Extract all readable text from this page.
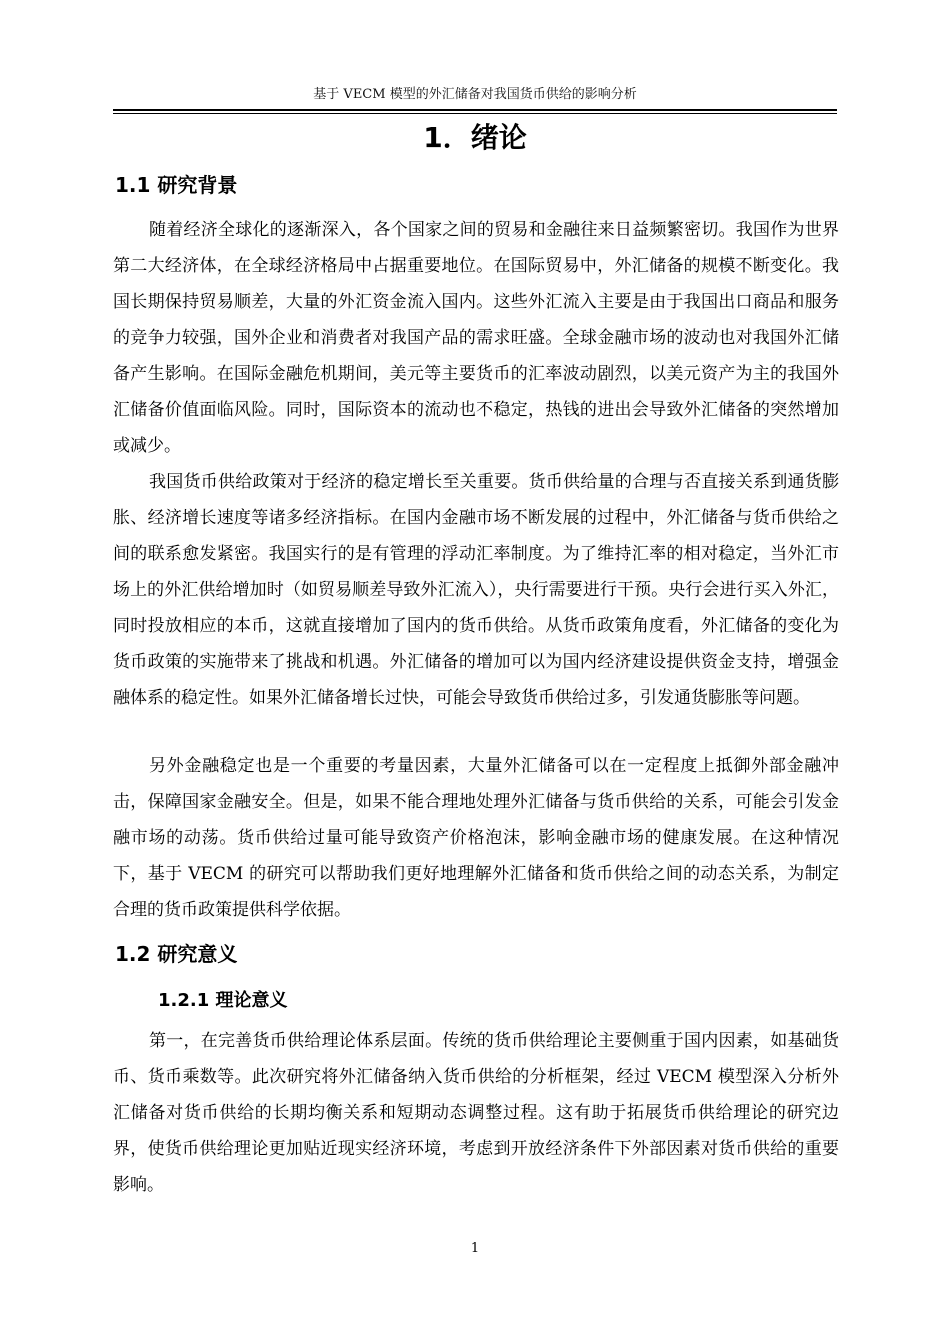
基于 VECM 模型的外汇储备对我国货币供给的影响分析
1．绪论
1.1 研究背景

随着经济全球化的逐渐深入，各个国家之间的贸易和金融往来日益频繁密切。我国作为世界第二大经济体，在全球经济格局中占据重要地位。在国际贸易中，外汇储备的规模不断变化。我国长期保持贸易顺差，大量的外汇资金流入国内。这些外汇流入主要是由于我国出口商品和服务的竞争力较强，国外企业和消费者对我国产品的需求旺盛。全球金融市场的波动也对我国外汇储备产生影响。在国际金融危机期间，美元等主要货币的汇率波动剧烈，以美元资产为主的我国外汇储备价值面临风险。同时，国际资本的流动也不稳定，热钱的进出会导致外汇储备的突然增加或减少。

我国货币供给政策对于经济的稳定增长至关重要。货币供给量的合理与否直接关系到通货膨胀、经济增长速度等诸多经济指标。在国内金融市场不断发展的过程中，外汇储备与货币供给之间的联系愈发紧密。我国实行的是有管理的浮动汇率制度。为了维持汇率的相对稳定，当外汇市场上的外汇供给增加时（如贸易顺差导致外汇流入），央行需要进行干预。央行会进行买入外汇，同时投放相应的本币，这就直接增加了国内的货币供给。从货币政策角度看，外汇储备的变化为货币政策的实施带来了挑战和机遇。外汇储备的增加可以为国内经济建设提供资金支持，增强金融体系的稳定性。如果外汇储备增长过快，可能会导致货币供给过多，引发通货膨胀等问题。

另外金融稳定也是一个重要的考量因素，大量外汇储备可以在一定程度上抵御外部金融冲击，保障国家金融安全。但是，如果不能合理地处理外汇储备与货币供给的关系，可能会引发金融市场的动荡。货币供给过量可能导致资产价格泡沫，影响金融市场的健康发展。在这种情况下，基于 VECM 的研究可以帮助我们更好地理解外汇储备和货币供给之间的动态关系，为制定合理的货币政策提供科学依据。

1.2 研究意义
1.2.1 理论意义

第一，在完善货币供给理论体系层面。传统的货币供给理论主要侧重于国内因素，如基础货币、货币乘数等。此次研究将外汇储备纳入货币供给的分析框架，经过 VECM 模型深入分析外汇储备对货币供给的长期均衡关系和短期动态调整过程。这有助于拓展货币供给理论的研究边界，使货币供给理论更加贴近现实经济环境，考虑到开放经济条件下外部因素对货币供给的重要影响。

1
